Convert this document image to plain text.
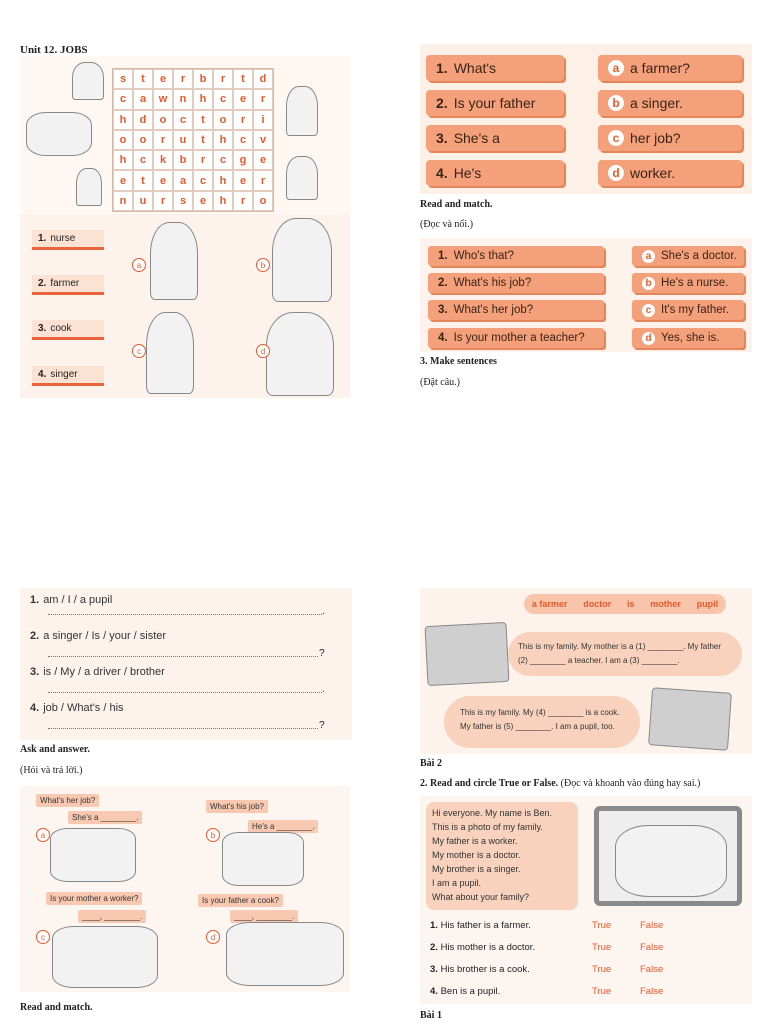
Unit 12. JOBS
s	t	e	r	b	r	t	d
c	a	w	n	h	c	e	r
h	d	o	c	t	o	r	i
o	o	r	u	t	h	c	v
h	c	k	b	r	c	g	e
e	t	e	a	c	h	e	r
n	u	r	s	e	h	r	o
1. nurse
2. farmer
3. cook
4. singer
a	b
c	d
1. What's
2. Is your father
3. She's a
4. He's
a a farmer?
b a singer.
c her job?
d worker.
Read and match.
(Đọc và nối.)
1. Who's that?
2. What's his job?
3. What's her job?
4. Is your mother a teacher?
a She's a doctor.
b He's a nurse.
c It's my father.
d Yes, she is.
3. Make sentences
(Đặt câu.)
1. am / I / a pupil
.
2. a singer / Is / your / sister
?
3. is / My / a driver / brother
.
4. job / What's / his
?
Ask and answer.
(Hỏi và trả lời.)
What's her job?
She's a ________.
a
What's his job?
He's a ________.
b
Is your mother a worker?
____, ________.
c
Is your father a cook?
____, ________.
d
Read and match.
a farmer doctor is mother pupil
This is my family. My mother is a (1) ________. My father (2) ________ a teacher. I am a (3) ________.
This is my family. My (4) ________ is a cook. My father is (5) ________. I am a pupil, too.
Bài 2
2. Read and circle True or False. (Đọc và khoanh vào đúng hay sai.)
Hi everyone. My name is Ben.
This is a photo of my family.
My father is a worker.
My mother is a doctor.
My brother is a singer.
I am a pupil.
What about your family?
1. His father is a farmer.	True	False
2. His mother is a doctor.	True	False
3. His brother is a cook.	True	False
4. Ben is a pupil.	True	False
Bài 1
